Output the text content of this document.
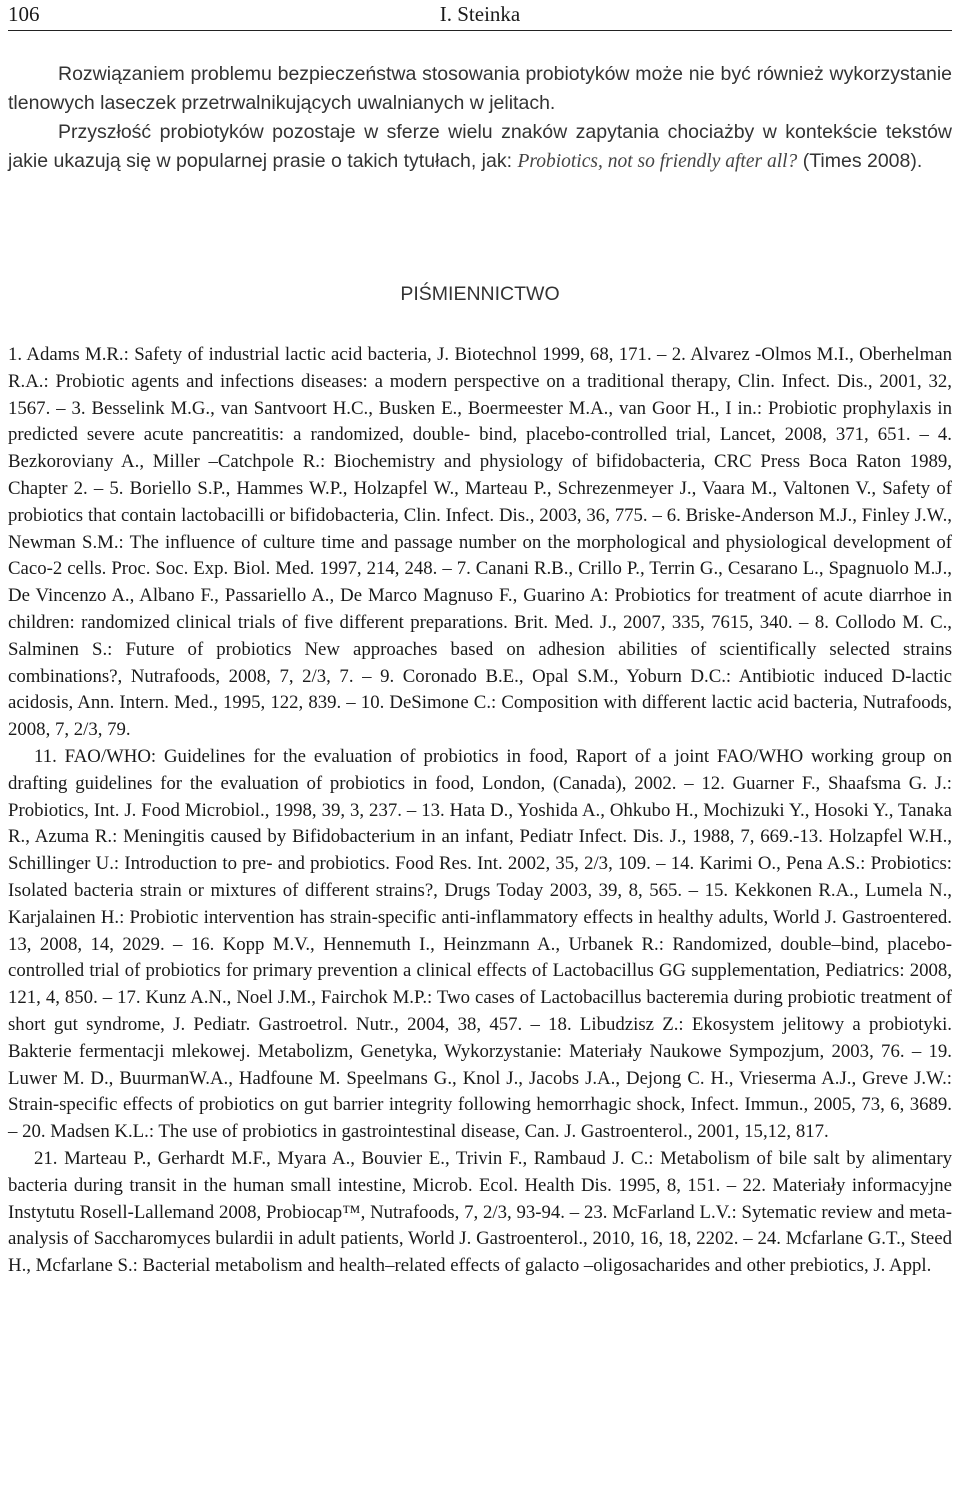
106	I. Steinka

Rozwiązaniem problemu bezpieczeństwa stosowania probiotyków może nie być również wykorzystanie tlenowych laseczek przetrwalnikujących uwalnianych w jelitach.

Przyszłość probiotyków pozostaje w sferze wielu znaków zapytania chociażby w kontekście tekstów jakie ukazują się w popularnej prasie o takich tytułach, jak: Probiotics, not so friendly after all? (Times 2008).

PIŚMIENNICTWO

1. Adams M.R.: Safety of industrial lactic acid bacteria, J. Biotechnol 1999, 68, 171. – 2. Alvarez -Olmos M.I., Oberhelman R.A.: Probiotic agents and infections diseases: a modern perspective on a traditional therapy, Clin. Infect. Dis., 2001, 32, 1567. – 3. Besselink M.G., van Santvoort H.C., Busken E., Boermeester M.A., van Goor H., I in.: Probiotic prophylaxis in predicted severe acute pancreatitis: a randomized, double- bind, placebo-controlled trial, Lancet, 2008, 371, 651. – 4. Bezkoroviany A., Miller –Catchpole R.: Biochemistry and physiology of bifidobacteria, CRC Press Boca Raton 1989, Chapter 2. – 5. Boriello S.P., Hammes W.P., Holzapfel W., Marteau P., Schrezenmeyer J., Vaara M., Valtonen V., Safety of probiotics that contain lactobacilli or bifidobacteria, Clin. Infect. Dis., 2003, 36, 775. – 6. Briske-Anderson M.J., Finley J.W., Newman S.M.: The influence of culture time and passage number on the morphological and physiological development of Caco-2 cells. Proc. Soc. Exp. Biol. Med. 1997, 214, 248. – 7. Canani R.B., Crillo P., Terrin G., Cesarano L., Spagnuolo M.J., De Vincenzo A., Albano F., Passariello A., De Marco Magnuso F., Guarino A: Probiotics for treatment of acute diarrhoe in children: randomized clinical trials of five different preparations. Brit. Med. J., 2007, 335, 7615, 340. – 8. Collodo M. C., Salminen S.: Future of probiotics New approaches based on adhesion abilities of scientifically selected strains combinations?, Nutrafoods, 2008, 7, 2/3, 7. – 9. Coronado B.E., Opal S.M., Yoburn D.C.: Antibiotic induced D-lactic acidosis, Ann. Intern. Med., 1995, 122, 839. – 10. DeSimone C.: Composition with different lactic acid bacteria, Nutrafoods, 2008, 7, 2/3, 79.

11. FAO/WHO: Guidelines for the evaluation of probiotics in food, Raport of a joint FAO/WHO working group on drafting guidelines for the evaluation of probiotics in food, London, (Canada), 2002. – 12. Guarner F., Shaafsma G. J.: Probiotics, Int. J. Food Microbiol., 1998, 39, 3, 237. – 13. Hata D., Yoshida A., Ohkubo H., Mochizuki Y., Hosoki Y., Tanaka R., Azuma R.: Meningitis caused by Bifidobacterium in an infant, Pediatr Infect. Dis. J., 1988, 7, 669.-13. Holzapfel W.H., Schillinger U.: Introduction to pre- and probiotics. Food Res. Int. 2002, 35, 2/3, 109. – 14. Karimi O., Pena A.S.: Probiotics: Isolated bacteria strain or mixtures of different strains?, Drugs Today 2003, 39, 8, 565. – 15. Kekkonen R.A., Lumela N., Karjalainen H.: Probiotic intervention has strain-specific anti-inflammatory effects in healthy adults, World J. Gastroentered. 13, 2008, 14, 2029. – 16. Kopp M.V., Hennemuth I., Heinzmann A., Urbanek R.: Randomized, double–bind, placebo-controlled trial of probiotics for primary prevention a clinical effects of Lactobacillus GG supplementation, Pediatrics: 2008, 121, 4, 850. – 17. Kunz A.N., Noel J.M., Fairchok M.P.: Two cases of Lactobacillus bacteremia during probiotic treatment of short gut syndrome, J. Pediatr. Gastroetrol. Nutr., 2004, 38, 457. – 18. Libudzisz Z.: Ekosystem jelitowy a probiotyki. Bakterie fermentacji mlekowej. Metabolizm, Genetyka, Wykorzystanie: Materiały Naukowe Sympozjum, 2003, 76. – 19. Luwer M. D., BuurmanW.A., Hadfoune M. Speelmans G., Knol J., Jacobs J.A., Dejong C. H., Vrieserma A.J., Greve J.W.: Strain-specific effects of probiotics on gut barrier integrity following hemorrhagic shock, Infect. Immun., 2005, 73, 6, 3689. – 20. Madsen K.L.: The use of probiotics in gastrointestinal disease, Can. J. Gastroenterol., 2001, 15,12, 817.

21. Marteau P., Gerhardt M.F., Myara A., Bouvier E., Trivin F., Rambaud J. C.: Metabolism of bile salt by alimentary bacteria during transit in the human small intestine, Microb. Ecol. Health Dis. 1995, 8, 151. – 22. Materiały informacyjne Instytutu Rosell-Lallemand 2008, Probiocap™, Nutrafoods, 7, 2/3, 93-94. – 23. McFarland L.V.: Sytematic review and meta-analysis of Saccharomyces bulardii in adult patients, World J. Gastroenterol., 2010, 16, 18, 2202. – 24. Mcfarlane G.T., Steed H., Mcfarlane S.: Bacterial metabolism and health–related effects of galacto –oligosacharides and other prebiotics, J. Appl.
